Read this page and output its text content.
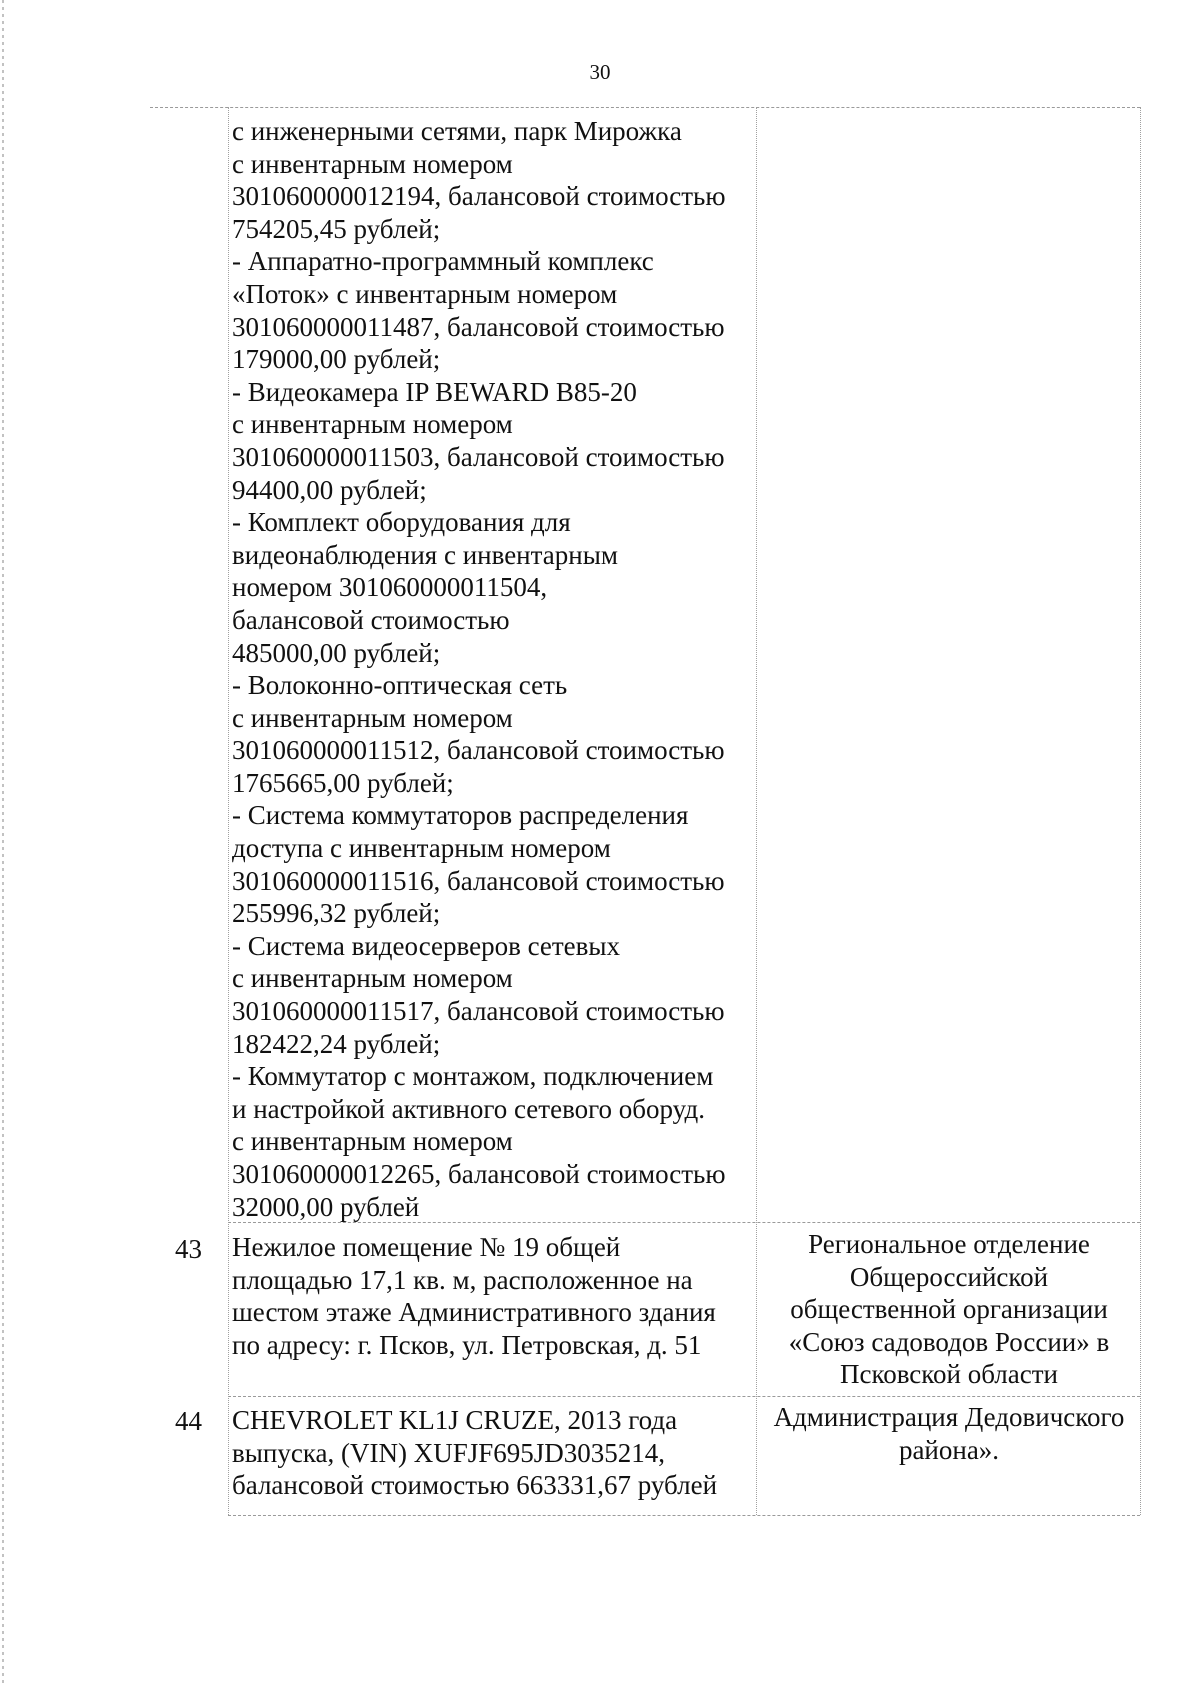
30

с инженерными сетями, парк Мирожка
с инвентарным номером
301060000012194, балансовой стоимостью
754205,45 рублей;
- Аппаратно-программный комплекс
«Поток» с инвентарным номером
301060000011487, балансовой стоимостью
179000,00 рублей;
- Видеокамера IP BEWARD B85-20
с инвентарным номером
301060000011503, балансовой стоимостью
94400,00 рублей;
- Комплект оборудования для
видеонаблюдения с инвентарным
номером 301060000011504,
балансовой стоимостью
485000,00 рублей;
- Волоконно-оптическая сеть
с инвентарным номером
301060000011512, балансовой стоимостью
1765665,00 рублей;
- Система коммутаторов распределения
доступа с инвентарным номером
301060000011516, балансовой стоимостью
255996,32 рублей;
- Система видеосерверов сетевых
с инвентарным номером
301060000011517, балансовой стоимостью
182422,24 рублей;
- Коммутатор с монтажом, подключением
и настройкой активного сетевого оборуд.
с инвентарным номером
301060000012265, балансовой стоимостью
32000,00 рублей

43 Нежилое помещение № 19 общей
площадью 17,1 кв. м, расположенное на
шестом этаже Административного здания
по адресу: г. Псков, ул. Петровская, д. 51

Региональное отделение
Общероссийской
общественной организации
«Союз садоводов России» в
Псковской области
44 CHEVROLET KL1J CRUZE, 2013 года
выпуска, (VIN) XUFJF695JD3035214,
балансовой стоимостью 663331,67 рублей

Администрация Дедовичского
района».
